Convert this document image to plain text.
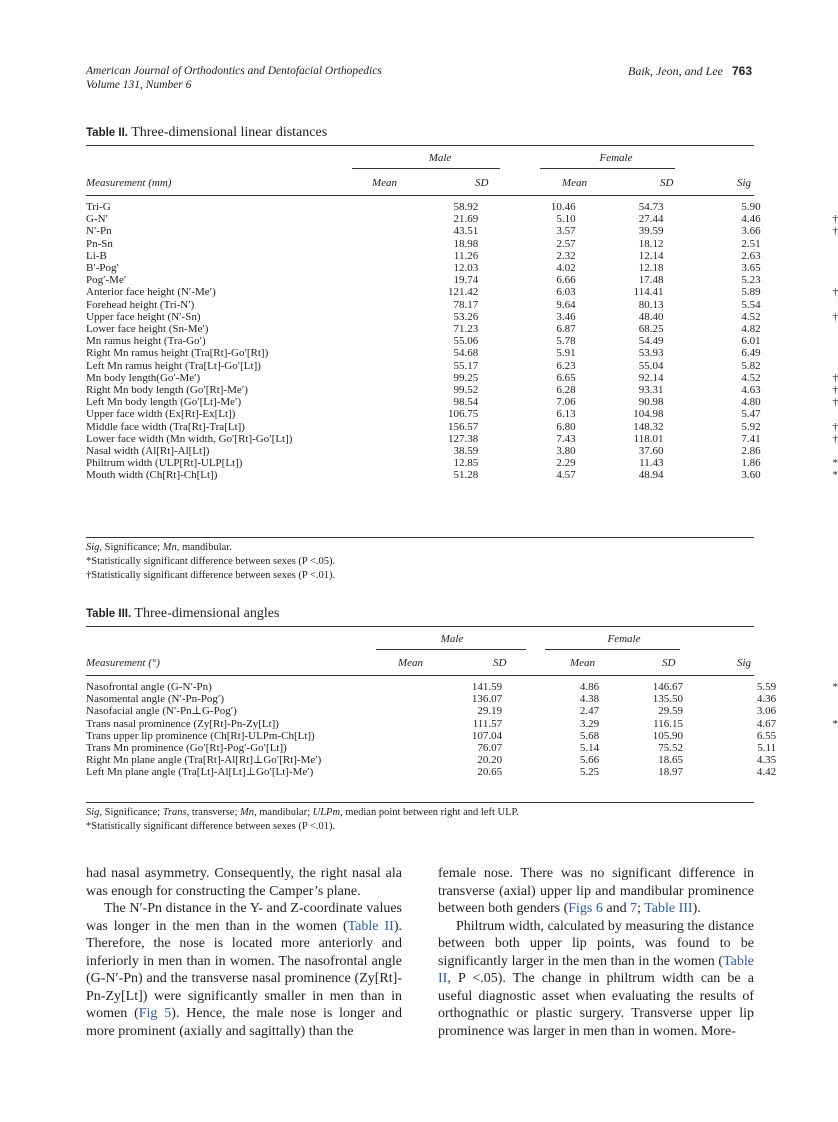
American Journal of Orthodontics and Dentofacial Orthopedics
Volume 131, Number 6
Baik, Jeon, and Lee 763
Table II. Three-dimensional linear distances
Male	Female
Measurement (mm)	Mean	SD	Mean	SD	Sig
Tri-G	58.92	10.46	54.73	5.90	
G-N′	21.69	5.10	27.44	4.46	†
N′-Pn	43.51	3.57	39.59	3.66	†
Pn-Sn	18.98	2.57	18.12	2.51	
Li-B	11.26	2.32	12.14	2.63	
B′-Pog′	12.03	4.02	12.18	3.65	
Pog′-Me′	19.74	6.66	17.48	5.23	
Anterior face height (N′-Me′)	121.42	6.03	114.41	5.89	†
Forehead height (Tri-N′)	78.17	9.64	80.13	5.54	
Upper face height (N′-Sn)	53.26	3.46	48.40	4.52	†
Lower face height (Sn-Me′)	71.23	6.87	68.25	4.82	
Mn ramus height (Tra-Go′)	55.06	5.78	54.49	6.01	
Right Mn ramus height (Tra[Rt]-Go′[Rt])	54.68	5.91	53.93	6.49	
Left Mn ramus height (Tra[Lt]-Go′[Lt])	55.17	6.23	55.04	5.82	
Mn body length(Go′-Me′)	99.25	6.65	92.14	4.52	†
Right Mn body length (Go′[Rt]-Me′)	99.52	6.28	93.31	4.63	†
Left Mn body length (Go′[Lt]-Me′)	98.54	7.06	90.98	4.80	†
Upper face width (Ex[Rt]-Ex[Lt])	106.75	6.13	104.98	5.47	
Middle face width (Tra[Rt]-Tra[Lt])	156.57	6.80	148.32	5.92	†
Lower face width (Mn width, Go′[Rt]-Go′[Lt])	127.38	7.43	118.01	7.41	†
Nasal width (Al[Rt]-Al[Lt])	38.59	3.80	37.60	2.86	
Philtrum width (ULP[Rt]-ULP[Lt])	12.85	2.29	11.43	1.86	*
Mouth width (Ch[Rt]-Ch[Lt])	51.28	4.57	48.94	3.60	*
Sig, Significance; Mn, mandibular.
*Statistically significant difference between sexes (P <.05).
†Statistically significant difference between sexes (P <.01).
Table III. Three-dimensional angles
Male	Female
Measurement (°)	Mean	SD	Mean	SD	Sig
Nasofrontal angle (G-N′-Pn)	141.59	4.86	146.67	5.59	*
Nasomental angle (N′-Pn-Pog′)	136.07	4.38	135.50	4.36	
Nasofacial angle (N′-Pn⊥G-Pog′)	29.19	2.47	29.59	3.06	
Trans nasal prominence (Zy[Rt]-Pn-Zy[Lt])	111.57	3.29	116.15	4.67	*
Trans upper lip prominence (Ch[Rt]-ULPm-Ch[Lt])	107.04	5.68	105.90	6.55	
Trans Mn prominence (Go′[Rt]-Pog′-Go′[Lt])	76.07	5.14	75.52	5.11	
Right Mn plane angle (Tra[Rt]-Al[Rt]⊥Go′[Rt]-Me′)	20.20	5.66	18.65	4.35	
Left Mn plane angle (Tra[Lt]-Al[Lt]⊥Go′[Lt]-Me′)	20.65	5.25	18.97	4.42	
Sig, Significance; Trans, transverse; Mn, mandibular; ULPm, median point between right and left ULP.
*Statistically significant difference between sexes (P <.01).

had nasal asymmetry. Consequently, the right nasal ala was enough for constructing the Camper’s plane.

The N′-Pn distance in the Y- and Z-coordinate values was longer in the men than in the women (Table II). Therefore, the nose is located more anteriorly and inferiorly in men than in women. The nasofrontal angle (G-N′-Pn) and the transverse nasal prominence (Zy[Rt]-Pn-Zy[Lt]) were significantly smaller in men than in women (Fig 5). Hence, the male nose is longer and more prominent (axially and sagittally) than the

female nose. There was no significant difference in transverse (axial) upper lip and mandibular prominence between both genders (Figs 6 and 7; Table III).

Philtrum width, calculated by measuring the distance between both upper lip points, was found to be significantly larger in the men than in the women (Table II, P <.05). The change in philtrum width can be a useful diagnostic asset when evaluating the results of orthognathic or plastic surgery. Transverse upper lip prominence was larger in men than in women. More-
